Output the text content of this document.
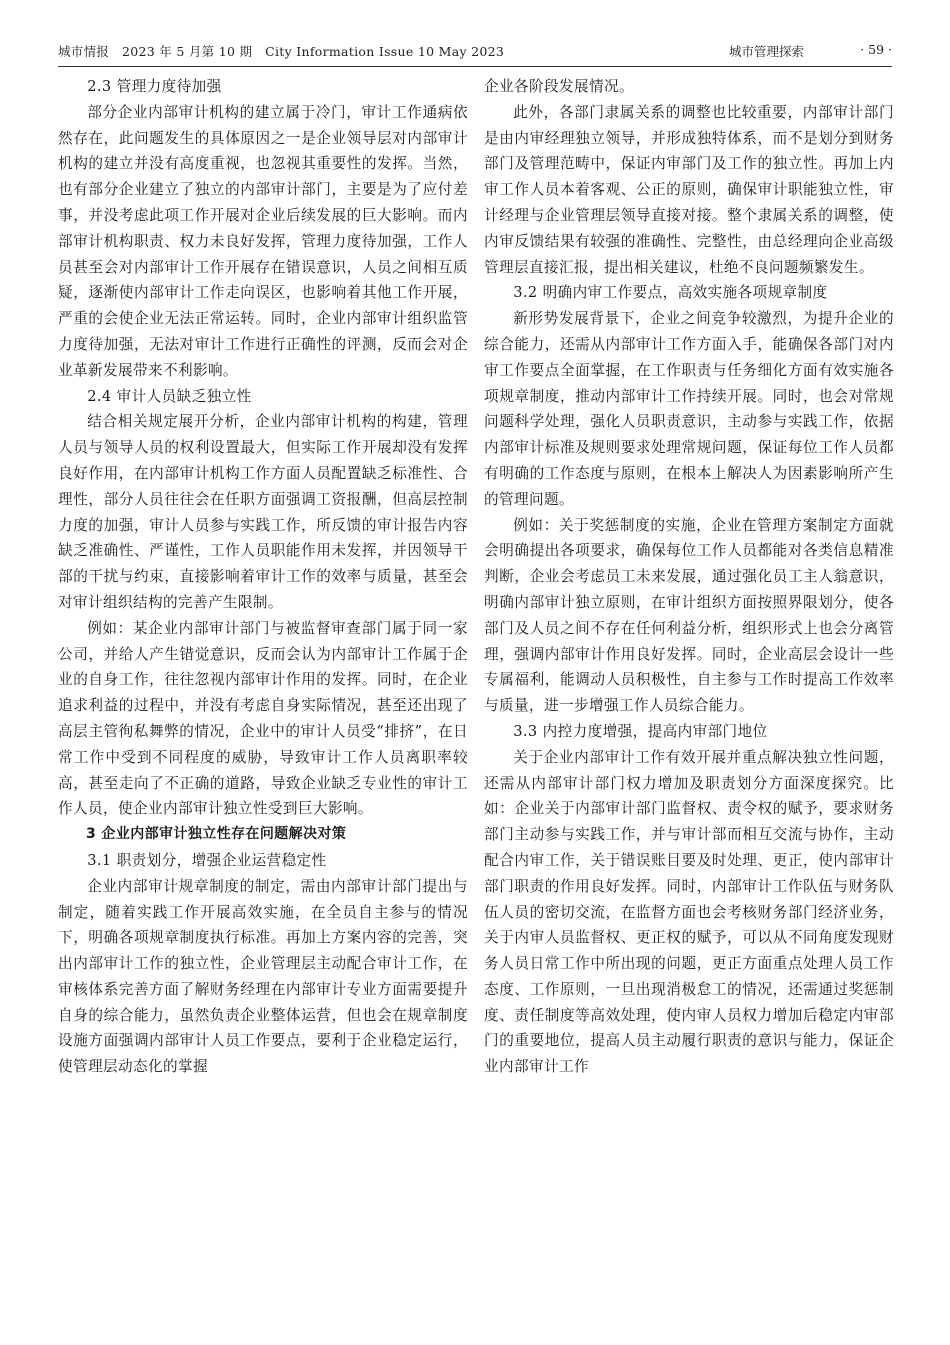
城市情报　2023 年 5 月第 10 期　City Information Issue 10 May 2023	城市管理探索	· 59 ·

2.3 管理力度待加强

部分企业内部审计机构的建立属于冷门，审计工作通病依然存在，此问题发生的具体原因之一是企业领导层对内部审计机构的建立并没有高度重视，也忽视其重要性的发挥。当然，也有部分企业建立了独立的内部审计部门，主要是为了应付差事，并没考虑此项工作开展对企业后续发展的巨大影响。而内部审计机构职责、权力未良好发挥，管理力度待加强，工作人员甚至会对内部审计工作开展存在错误意识，人员之间相互质疑，逐渐使内部审计工作走向误区，也影响着其他工作开展，严重的会使企业无法正常运转。同时，企业内部审计组织监管力度待加强，无法对审计工作进行正确性的评测，反而会对企业革新发展带来不利影响。

2.4 审计人员缺乏独立性

结合相关规定展开分析，企业内部审计机构的构建，管理人员与领导人员的权利设置最大，但实际工作开展却没有发挥良好作用，在内部审计机构工作方面人员配置缺乏标准性、合理性，部分人员往往会在任职方面强调工资报酬，但高层控制力度的加强，审计人员参与实践工作，所反馈的审计报告内容缺乏准确性、严谨性，工作人员职能作用未发挥，并因领导干部的干扰与约束，直接影响着审计工作的效率与质量，甚至会对审计组织结构的完善产生限制。

例如：某企业内部审计部门与被监督审查部门属于同一家公司，并给人产生错觉意识，反而会认为内部审计工作属于企业的自身工作，往往忽视内部审计作用的发挥。同时，在企业追求利益的过程中，并没有考虑自身实际情况，甚至还出现了高层主管徇私舞弊的情况，企业中的审计人员受“排挤”，在日常工作中受到不同程度的威胁，导致审计工作人员离职率较高，甚至走向了不正确的道路，导致企业缺乏专业性的审计工作人员，使企业内部审计独立性受到巨大影响。

3 企业内部审计独立性存在问题解决对策

3.1 职责划分，增强企业运营稳定性

企业内部审计规章制度的制定，需由内部审计部门提出与制定，随着实践工作开展高效实施，在全员自主参与的情况下，明确各项规章制度执行标准。再加上方案内容的完善，突出内部审计工作的独立性，企业管理层主动配合审计工作，在审核体系完善方面了解财务经理在内部审计专业方面需要提升自身的综合能力，虽然负责企业整体运营，但也会在规章制度设施方面强调内部审计人员工作要点，要利于企业稳定运行，使管理层动态化的掌握

企业各阶段发展情况。

此外，各部门隶属关系的调整也比较重要，内部审计部门是由内审经理独立领导，并形成独特体系，而不是划分到财务部门及管理范畴中，保证内审部门及工作的独立性。再加上内审工作人员本着客观、公正的原则，确保审计职能独立性，审计经理与企业管理层领导直接对接。整个隶属关系的调整，使内审反馈结果有较强的准确性、完整性，由总经理向企业高级管理层直接汇报，提出相关建议，杜绝不良问题频繁发生。

3.2 明确内审工作要点，高效实施各项规章制度

新形势发展背景下，企业之间竞争较激烈，为提升企业的综合能力，还需从内部审计工作方面入手，能确保各部门对内审工作要点全面掌握，在工作职责与任务细化方面有效实施各项规章制度，推动内部审计工作持续开展。同时，也会对常规问题科学处理，强化人员职责意识，主动参与实践工作，依据内部审计标准及规则要求处理常规问题，保证每位工作人员都有明确的工作态度与原则，在根本上解决人为因素影响所产生的管理问题。

例如：关于奖惩制度的实施，企业在管理方案制定方面就会明确提出各项要求，确保每位工作人员都能对各类信息精准判断，企业会考虑员工未来发展，通过强化员工主人翁意识，明确内部审计独立原则，在审计组织方面按照界限划分，使各部门及人员之间不存在任何利益分析，组织形式上也会分离管理，强调内部审计作用良好发挥。同时，企业高层会设计一些专属福利，能调动人员积极性，自主参与工作时提高工作效率与质量，进一步增强工作人员综合能力。

3.3 内控力度增强，提高内审部门地位

关于企业内部审计工作有效开展并重点解决独立性问题，还需从内部审计部门权力增加及职责划分方面深度探究。比如：企业关于内部审计部门监督权、责令权的赋予，要求财务部门主动参与实践工作，并与审计部而相互交流与协作，主动配合内审工作，关于错误账目要及时处理、更正，使内部审计部门职责的作用良好发挥。同时，内部审计工作队伍与财务队伍人员的密切交流，在监督方面也会考核财务部门经济业务，关于内审人员监督权、更正权的赋予，可以从不同角度发现财务人员日常工作中所出现的问题，更正方面重点处理人员工作态度、工作原则，一旦出现消极怠工的情况，还需通过奖惩制度、责任制度等高效处理，使内审人员权力增加后稳定内审部门的重要地位，提高人员主动履行职责的意识与能力，保证企业内部审计工作
